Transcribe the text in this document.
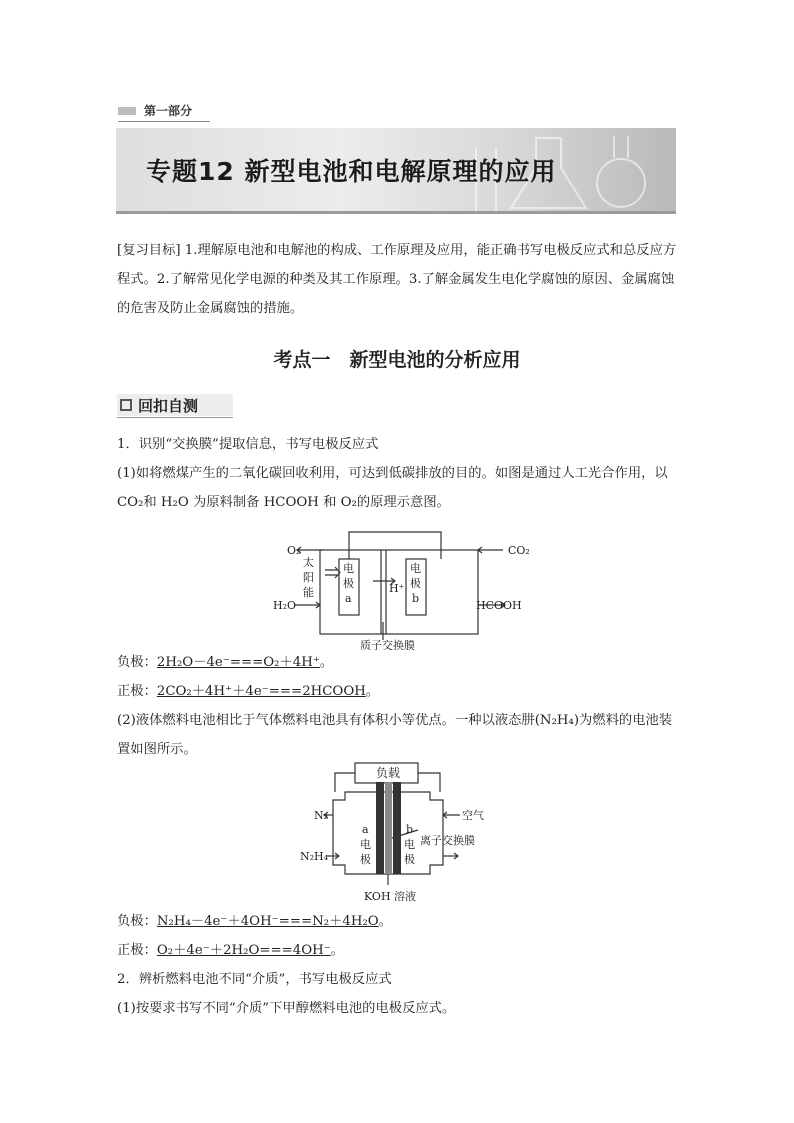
第一部分
专题12 新型电池和电解原理的应用
[复习目标] 1.理解原电池和电解池的构成、工作原理及应用，能正确书写电极反应式和总反应方程式。2.了解常见化学电源的种类及其工作原理。3.了解金属发生电化学腐蚀的原因、金属腐蚀的危害及防止金属腐蚀的措施。
考点一　新型电池的分析应用
回扣自测
1．识别“交换膜”提取信息，书写电极反应式
(1)如将燃煤产生的二氧化碳回收利用，可达到低碳排放的目的。如图是通过人工光合作用，以 CO₂和 H₂O 为原料制备 HCOOH 和 O₂的原理示意图。
O₂
H₂O
CO₂
HCOOH
太
阳
能
电
极
a
电
极
b
H⁺
质子交换膜
负极：2H₂O－4e⁻===O₂＋4H⁺。
正极：2CO₂＋4H⁺＋4e⁻===2HCOOH。
(2)液体燃料电池相比于气体燃料电池具有体积小等优点。一种以液态肼(N₂H₄)为燃料的电池装置如图所示。
负载
N₂
N₂H₄
空气
a
电
极
b
电
极
离子交换膜
KOH 溶液
负极：N₂H₄－4e⁻＋4OH⁻===N₂＋4H₂O。
正极：O₂＋4e⁻＋2H₂O===4OH⁻。
2．辨析燃料电池不同“介质”，书写电极反应式
(1)按要求书写不同“介质”下甲醇燃料电池的电极反应式。
